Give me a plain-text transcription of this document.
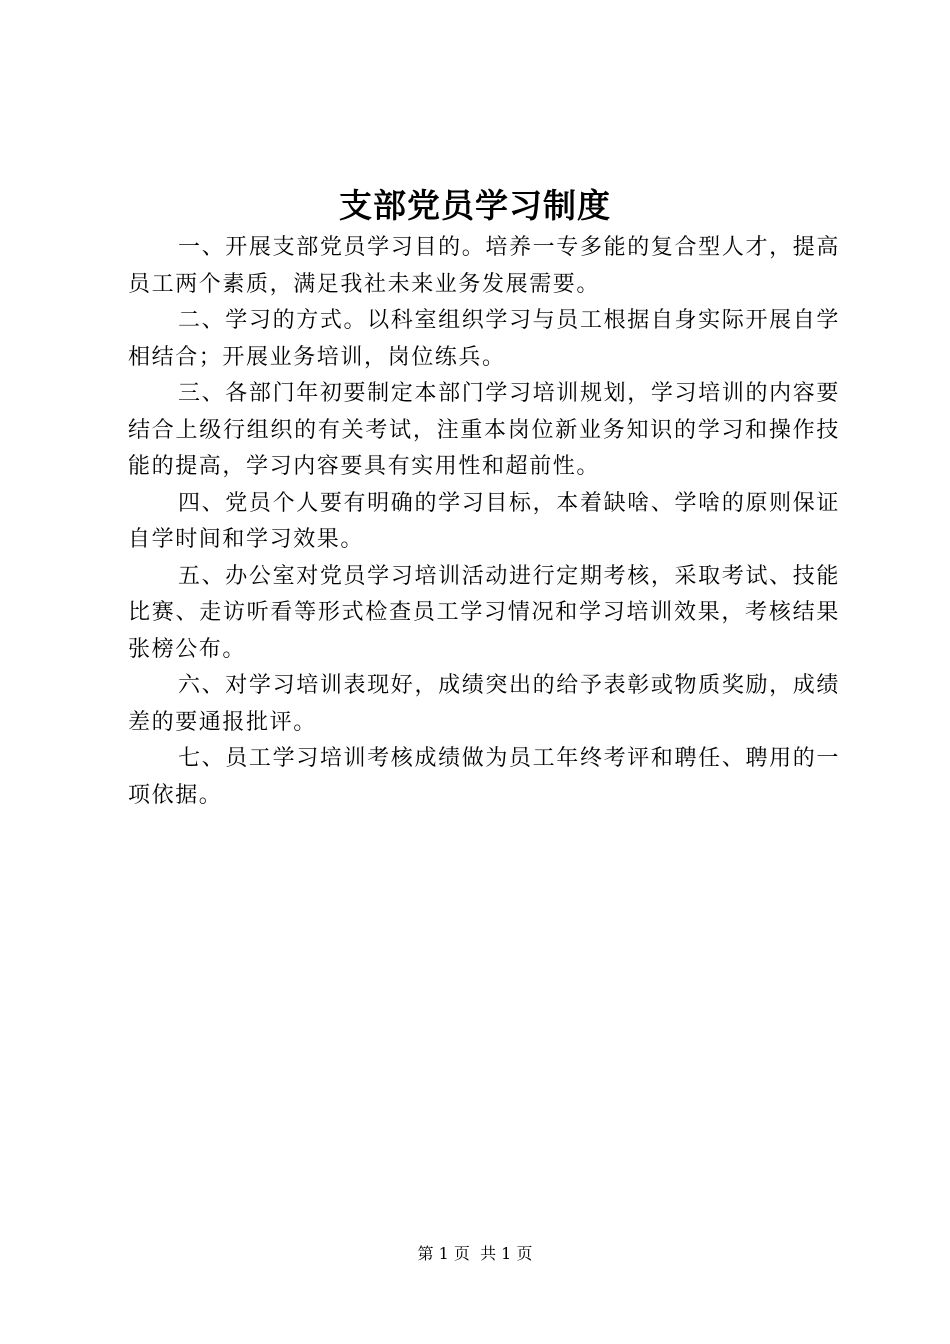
支部党员学习制度

一、开展支部党员学习目的。培养一专多能的复合型人才，提高员工两个素质，满足我社未来业务发展需要。

二、学习的方式。以科室组织学习与员工根据自身实际开展自学相结合；开展业务培训，岗位练兵。

三、各部门年初要制定本部门学习培训规划，学习培训的内容要结合上级行组织的有关考试，注重本岗位新业务知识的学习和操作技能的提高，学习内容要具有实用性和超前性。

四、党员个人要有明确的学习目标，本着缺啥、学啥的原则保证自学时间和学习效果。

五、办公室对党员学习培训活动进行定期考核，采取考试、技能比赛、走访听看等形式检查员工学习情况和学习培训效果，考核结果张榜公布。

六、对学习培训表现好，成绩突出的给予表彰或物质奖励，成绩差的要通报批评。

七、员工学习培训考核成绩做为员工年终考评和聘任、聘用的一项依据。

第 1 页  共 1 页
